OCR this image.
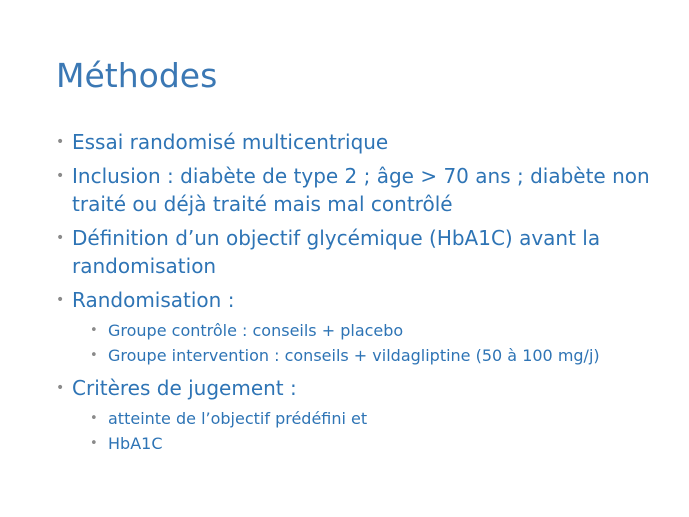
Méthodes
• Essai randomisé multicentrique
• Inclusion : diabète de type 2 ; âge > 70 ans ; diabète non traité ou déjà traité mais mal contrôlé
• Définition d’un objectif glycémique (HbA1C) avant la randomisation
• Randomisation :
• Groupe contrôle : conseils + placebo
• Groupe intervention : conseils + vildagliptine (50 à 100 mg/j)
• Critères de jugement :
• atteinte de l’objectif prédéfini et
• HbA1C
